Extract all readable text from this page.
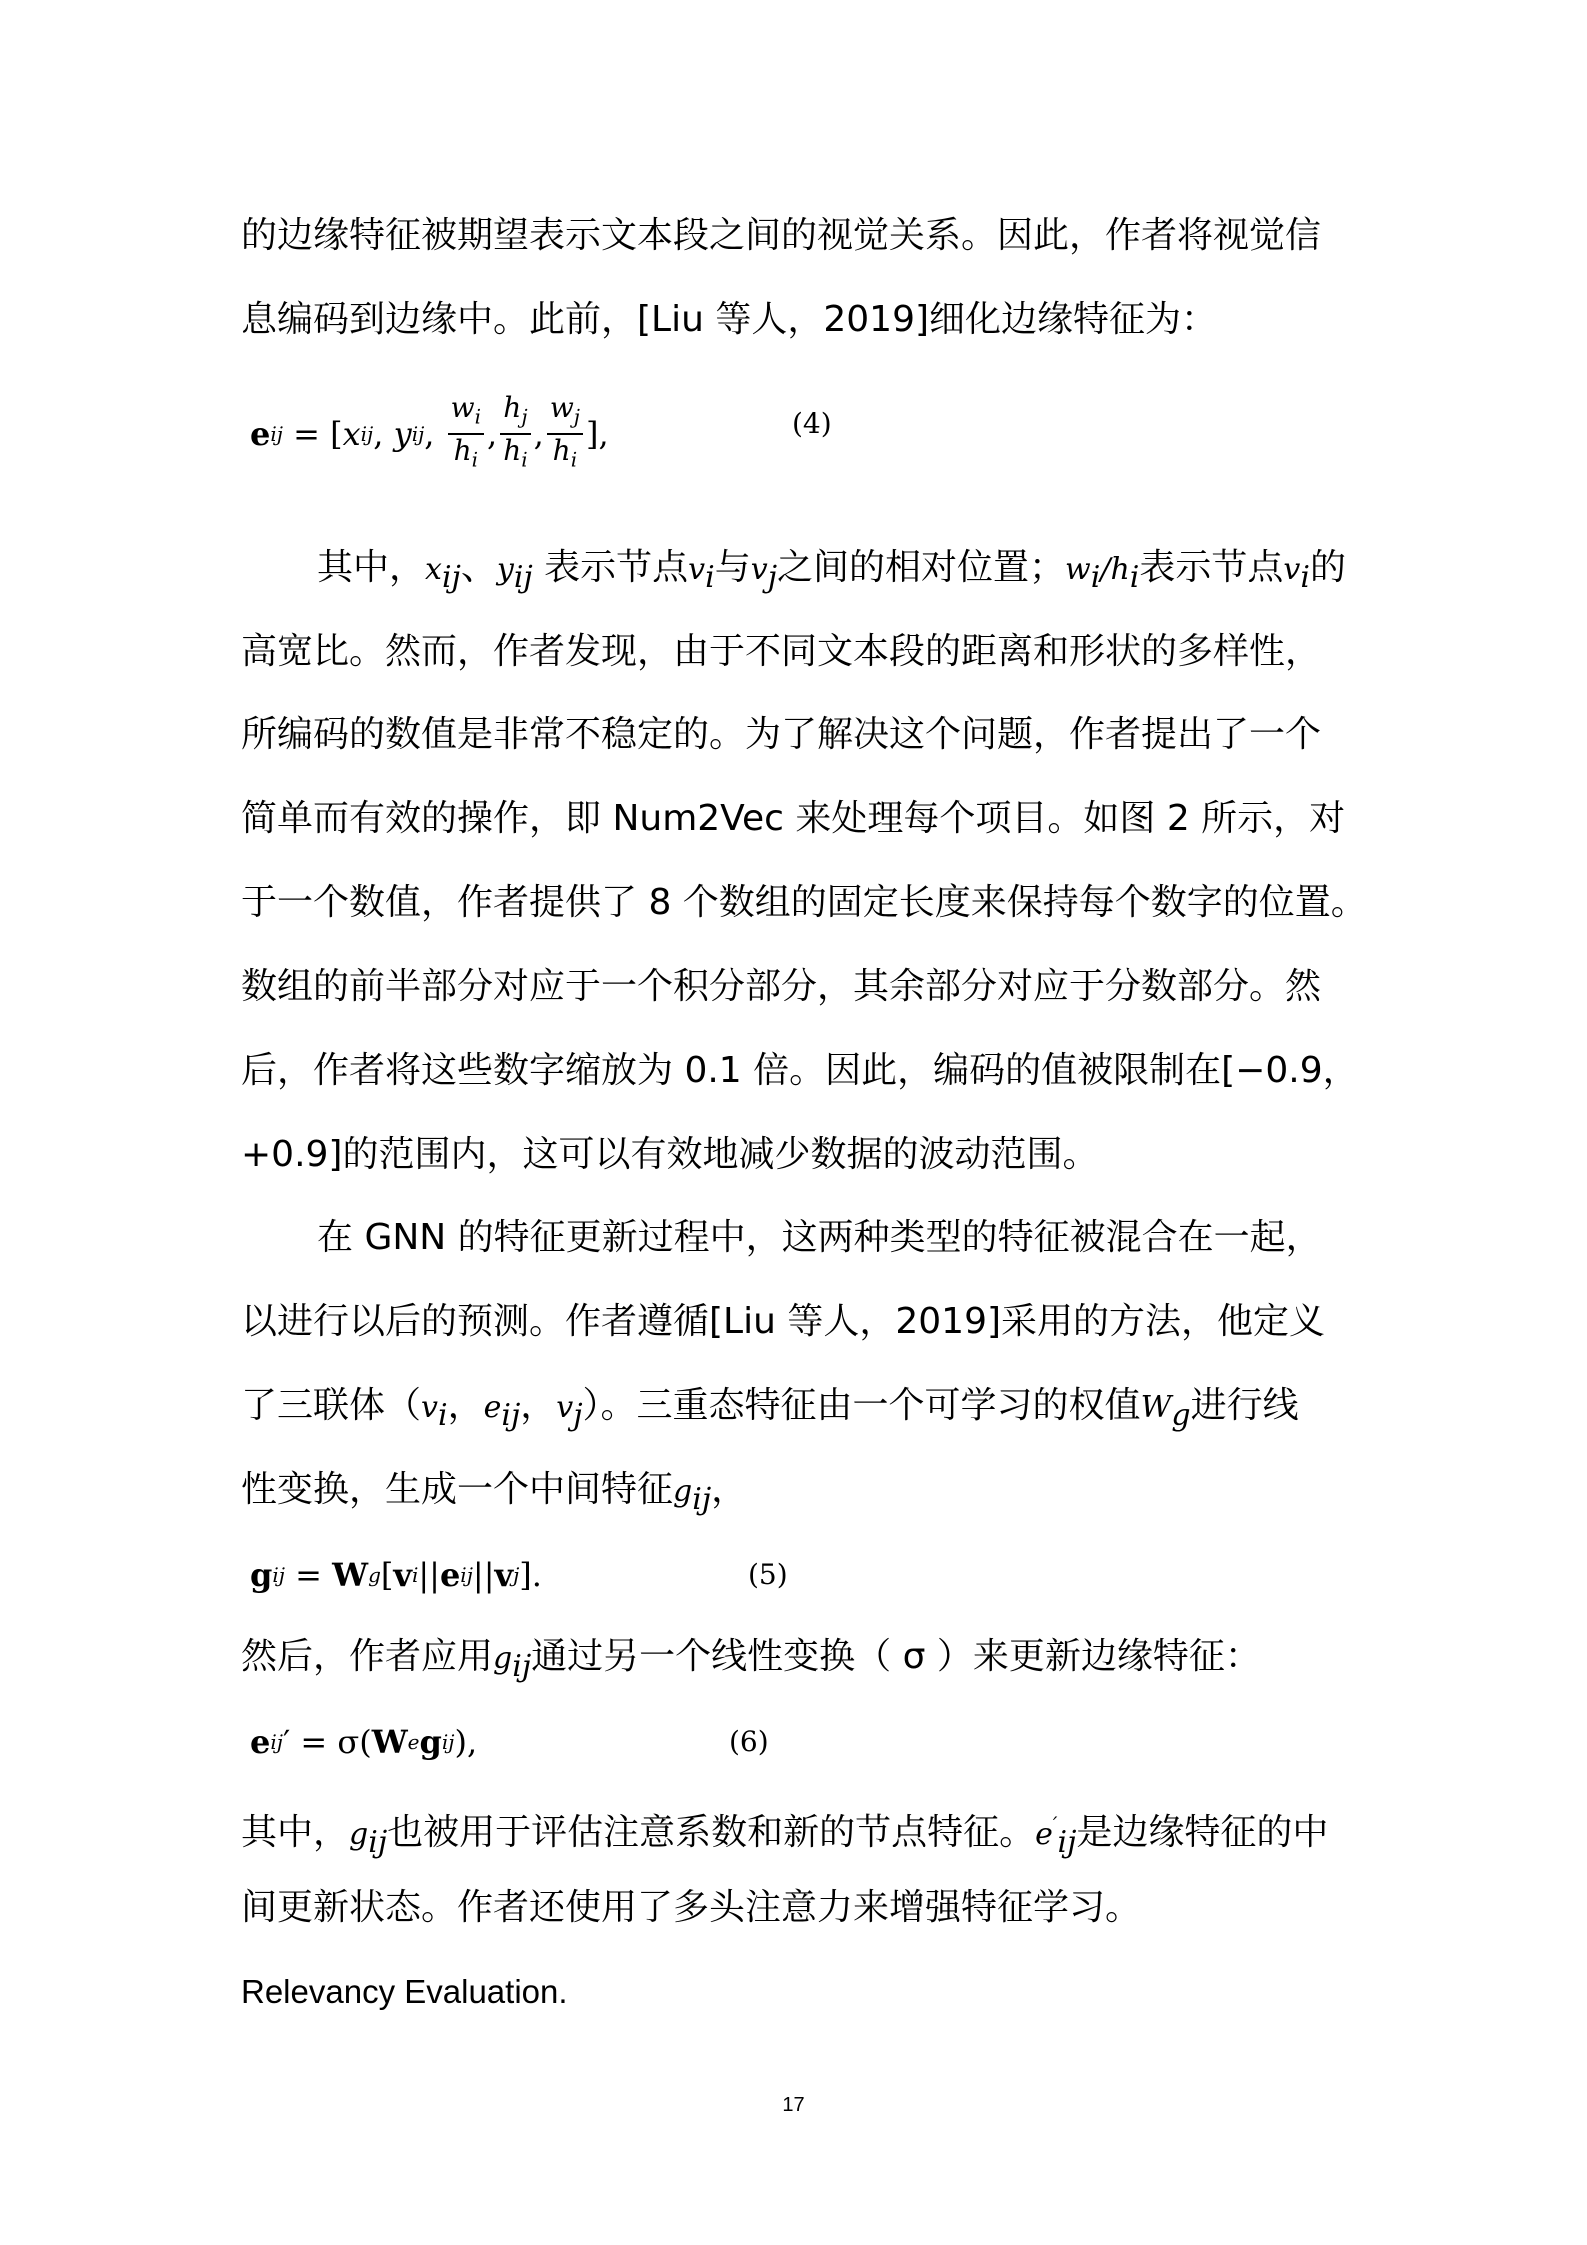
的边缘特征被期望表示文本段之间的视觉关系。因此，作者将视觉信
息编码到边缘中。此前，[Liu 等人，2019]细化边缘特征为：
e ij = [ x ij , y ij , $\frac{w_i}{h_i}$ , $\frac{h_j}{h_i}$ , $\frac{w_j}{h_i}$ ],	(4)
其中，$x_{ij}$、$y_{ij}$ 表示节点$v_i$与$v_j$之间的相对位置；$w_i/h_i$表示节点$v_i$的
高宽比。然而，作者发现，由于不同文本段的距离和形状的多样性，
所编码的数值是非常不稳定的。为了解决这个问题，作者提出了一个
简单而有效的操作，即 Num2Vec 来处理每个项目。如图 2 所示，对
于一个数值，作者提供了 8 个数组的固定长度来保持每个数字的位置。
数组的前半部分对应于一个积分部分，其余部分对应于分数部分。然
后，作者将这些数字缩放为 0.1 倍。因此，编码的值被限制在[−0.9，
+0.9]的范围内，这可以有效地减少数据的波动范围。
在 GNN 的特征更新过程中，这两种类型的特征被混合在一起，
以进行以后的预测。作者遵循[Liu 等人，2019]采用的方法，他定义
了三联体（$v_i$，$e_{ij}$，$v_j$）。三重态特征由一个可学习的权值$W_g$进行线
性变换，生成一个中间特征$g_{ij}$，
g ij = W g [ v i || e ij || v j ].	(5)
然后，作者应用$g_{ij}$通过另一个线性变换（ σ ）来更新边缘特征：
e ij ′ = σ( W e g ij ),	(6)
其中，$g_{ij}$也被用于评估注意系数和新的节点特征。$e'_{ij}$是边缘特征的中
间更新状态。作者还使用了多头注意力来增强特征学习。
Relevancy Evaluation.
17
